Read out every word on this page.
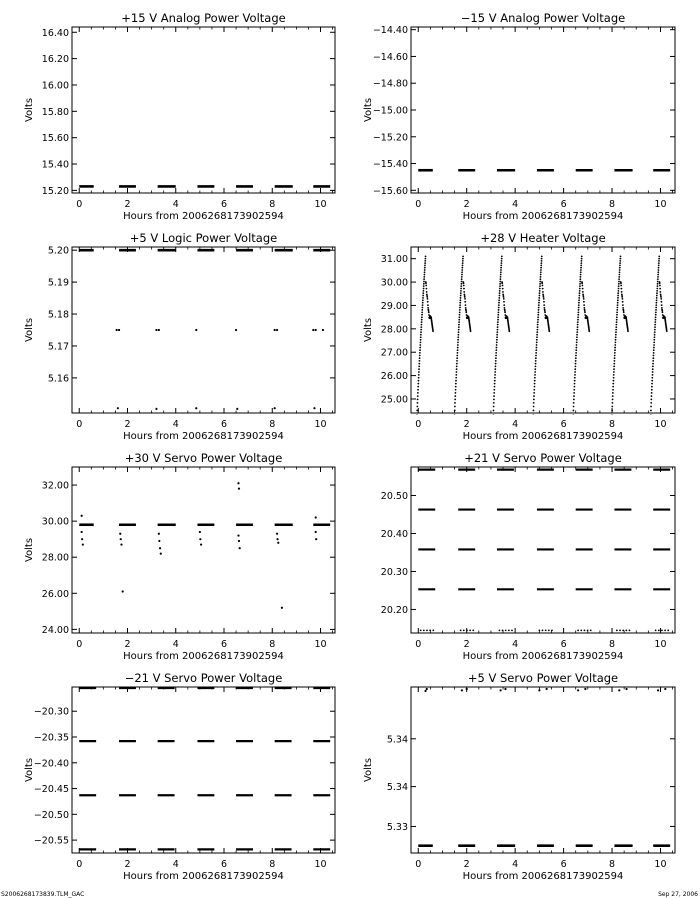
+15 V Analog Power Voltage
0	2	4	6	8	10
Hours from 2006268173902594
15.20
15.40
15.60
15.80
16.00
16.20
16.40
Volts
−15 V Analog Power Voltage
0	2	4	6	8	10
Hours from 2006268173902594
−14.40
−14.60
−14.80
−15.00
−15.20
−15.40
−15.60
Volts
+5 V Logic Power Voltage
0	2	4	6	8	10
Hours from 2006268173902594
5.16
5.17
5.18
5.19
5.20
Volts
+28 V Heater Voltage
0	2	4	6	8	10
Hours from 2006268173902594
25.00
26.00
27.00
28.00
29.00
30.00
31.00
Volts
+30 V Servo Power Voltage
0	2	4	6	8	10
Hours from 2006268173902594
24.00
26.00
28.00
30.00
32.00
Volts
+21 V Servo Power Voltage
0	2	4	6	8	10
Hours from 2006268173902594
20.20
20.30
20.40
20.50
−21 V Servo Power Voltage
0	2	4	6	8	10
Hours from 2006268173902594
−20.30
−20.35
−20.40
−20.45
−20.50
−20.55
Volts
+5 V Servo Power Voltage
0	2	4	6	8	10
Hours from 2006268173902594
5.33
5.34
5.34
Volts
S2006268173839.TLM_GAC	Sep 27, 2006
